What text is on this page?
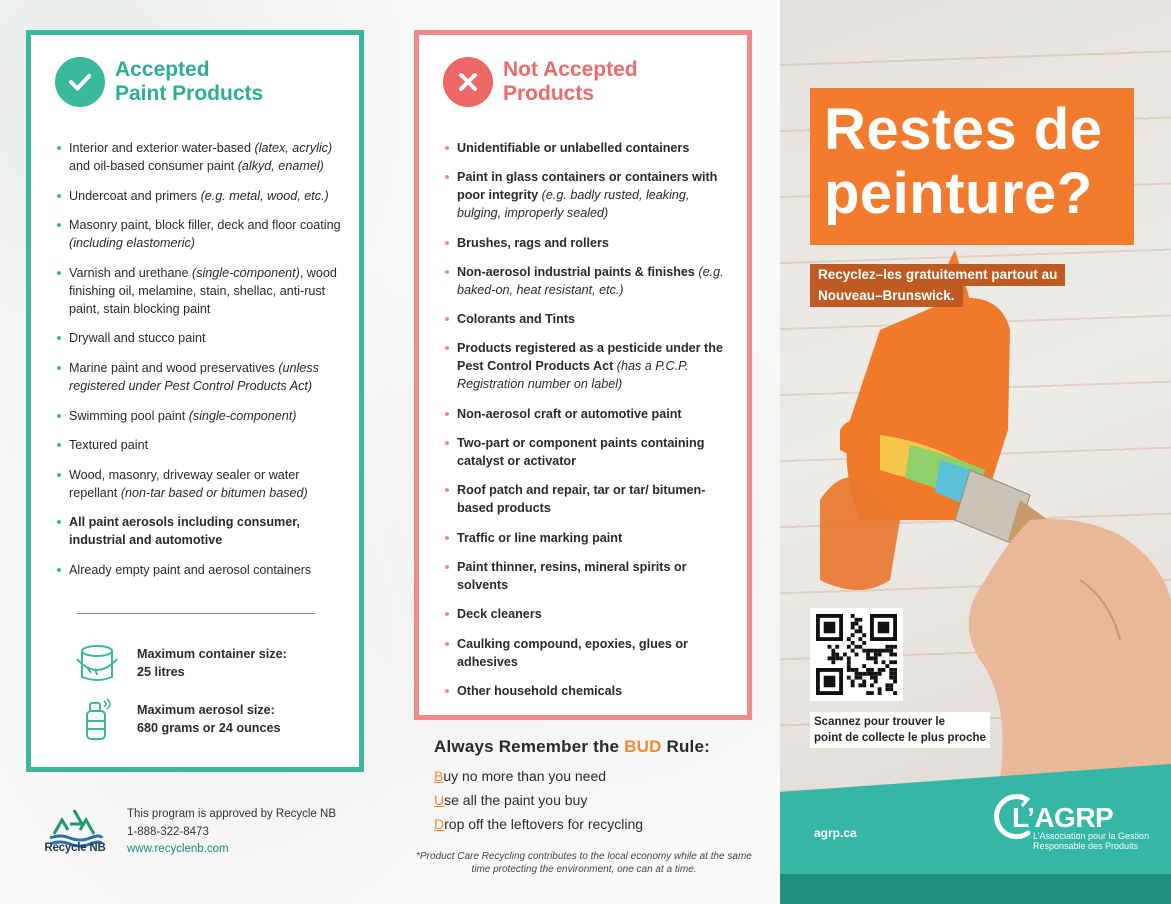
Accepted
Paint Products
Interior and exterior water-based (latex, acrylic) and oil-based consumer paint (alkyd, enamel)
Undercoat and primers (e.g. metal, wood, etc.)
Masonry paint, block filler, deck and floor coating (including elastomeric)
Varnish and urethane (single-component), wood finishing oil, melamine, stain, shellac, anti-rust paint, stain blocking paint
Drywall and stucco paint
Marine paint and wood preservatives (unless registered under Pest Control Products Act)
Swimming pool paint (single-component)
Textured paint
Wood, masonry, driveway sealer or water repellant (non-tar based or bitumen based)
All paint aerosols including consumer, industrial and automotive
Already empty paint and aerosol containers
Maximum container size:
25 litres
Maximum aerosol size:
680 grams or 24 ounces
Not Accepted
Products
Unidentifiable or unlabelled containers
Paint in glass containers or containers with poor integrity (e.g. badly rusted, leaking, bulging, improperly sealed)
Brushes, rags and rollers
Non-aerosol industrial paints & finishes (e.g. baked-on, heat resistant, etc.)
Colorants and Tints
Products registered as a pesticide under the Pest Control Products Act (has a P.C.P. Registration number on label)
Non-aerosol craft or automotive paint
Two-part or component paints containing catalyst or activator
Roof patch and repair, tar or tar/ bitumen-based products
Traffic or line marking paint
Paint thinner, resins, mineral spirits or solvents
Deck cleaners
Caulking compound, epoxies, glues or adhesives
Other household chemicals
Always Remember the BUD Rule:
Buy no more than you need
Use all the paint you buy
Drop off the leftovers for recycling
*Product Care Recycling contributes to the local economy while at the same time protecting the environment, one can at a time.
Recycle NB
This program is approved by Recycle NB
1-888-322-8473
www.recyclenb.com
Restes de
peinture?
Recyclez–les gratuitement partout au
Nouveau–Brunswick.
Scannez pour trouver le
point de collecte le plus proche
agrp.ca	L’AGRP
L’Association pour la Gestion
Responsable des Produits
